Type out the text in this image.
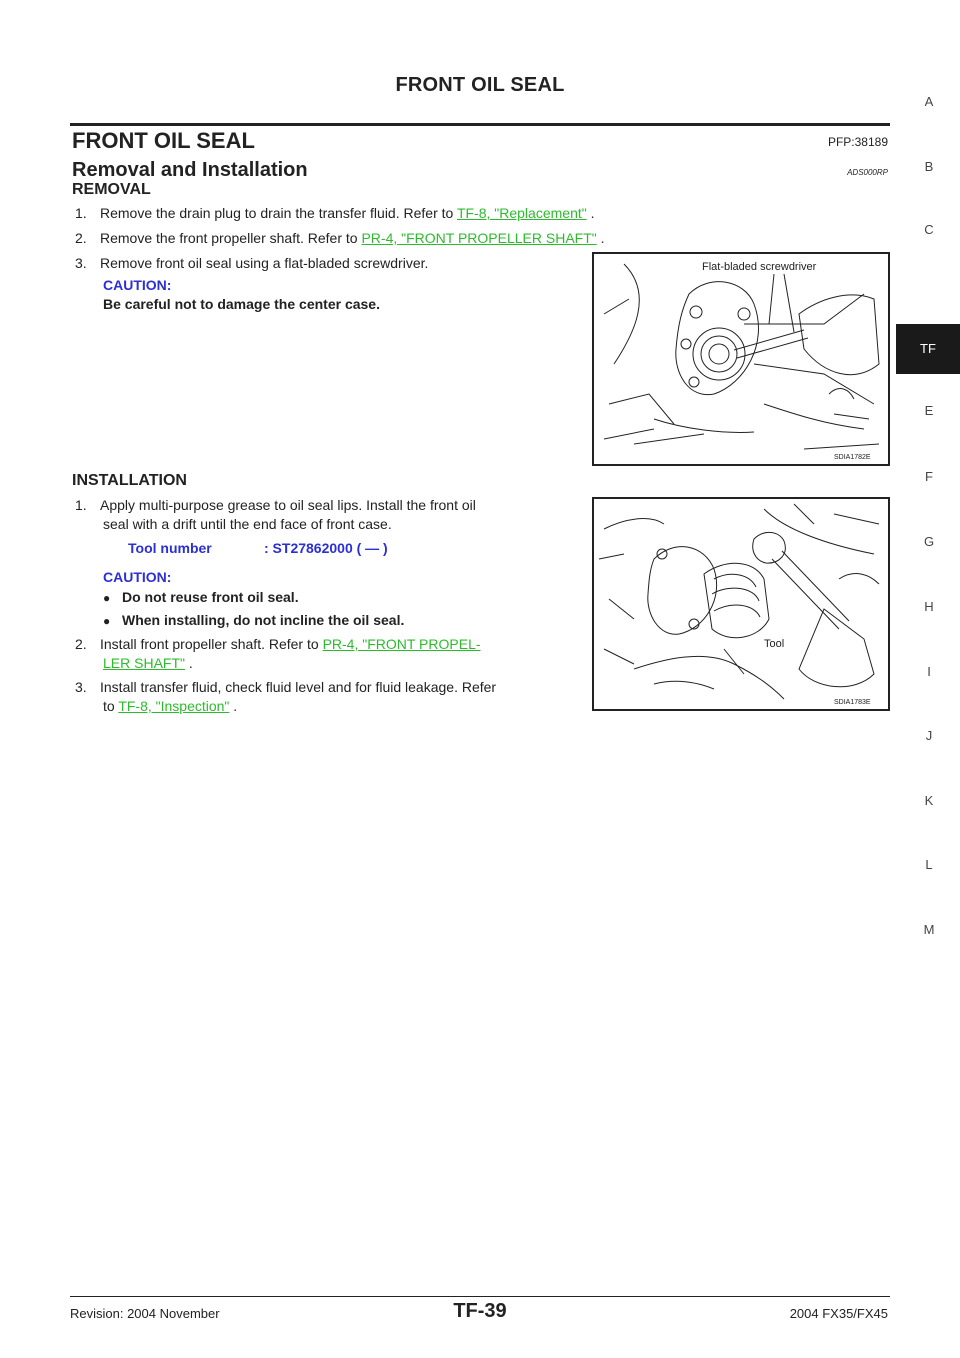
FRONT OIL SEAL
FRONT OIL SEAL	PFP:38189
Removal and Installation	ADS000RP
REMOVAL
1. Remove the drain plug to drain the transfer fluid. Refer to TF-8, "Replacement" .
2. Remove the front propeller shaft. Refer to PR-4, "FRONT PROPELLER SHAFT" .
3. Remove front oil seal using a flat-bladed screwdriver.
CAUTION:
Be careful not to damage the center case.
Flat-bladed screwdriver
SDIA1782E
INSTALLATION
1. Apply multi-purpose grease to oil seal lips. Install the front oil
seal with a drift until the end face of front case.
Tool number	: ST27862000 ( — )
CAUTION:
● Do not reuse front oil seal.
● When installing, do not incline the oil seal.
2. Install front propeller shaft. Refer to PR-4, "FRONT PROPEL-
LER SHAFT" .
3. Install transfer fluid, check fluid level and for fluid leakage. Refer
to TF-8, "Inspection" .
Tool
SDIA1783E
A
B
C
TF
E
F
G
H
I
J
K
L
M
Revision: 2004 November	TF-39	2004 FX35/FX45
